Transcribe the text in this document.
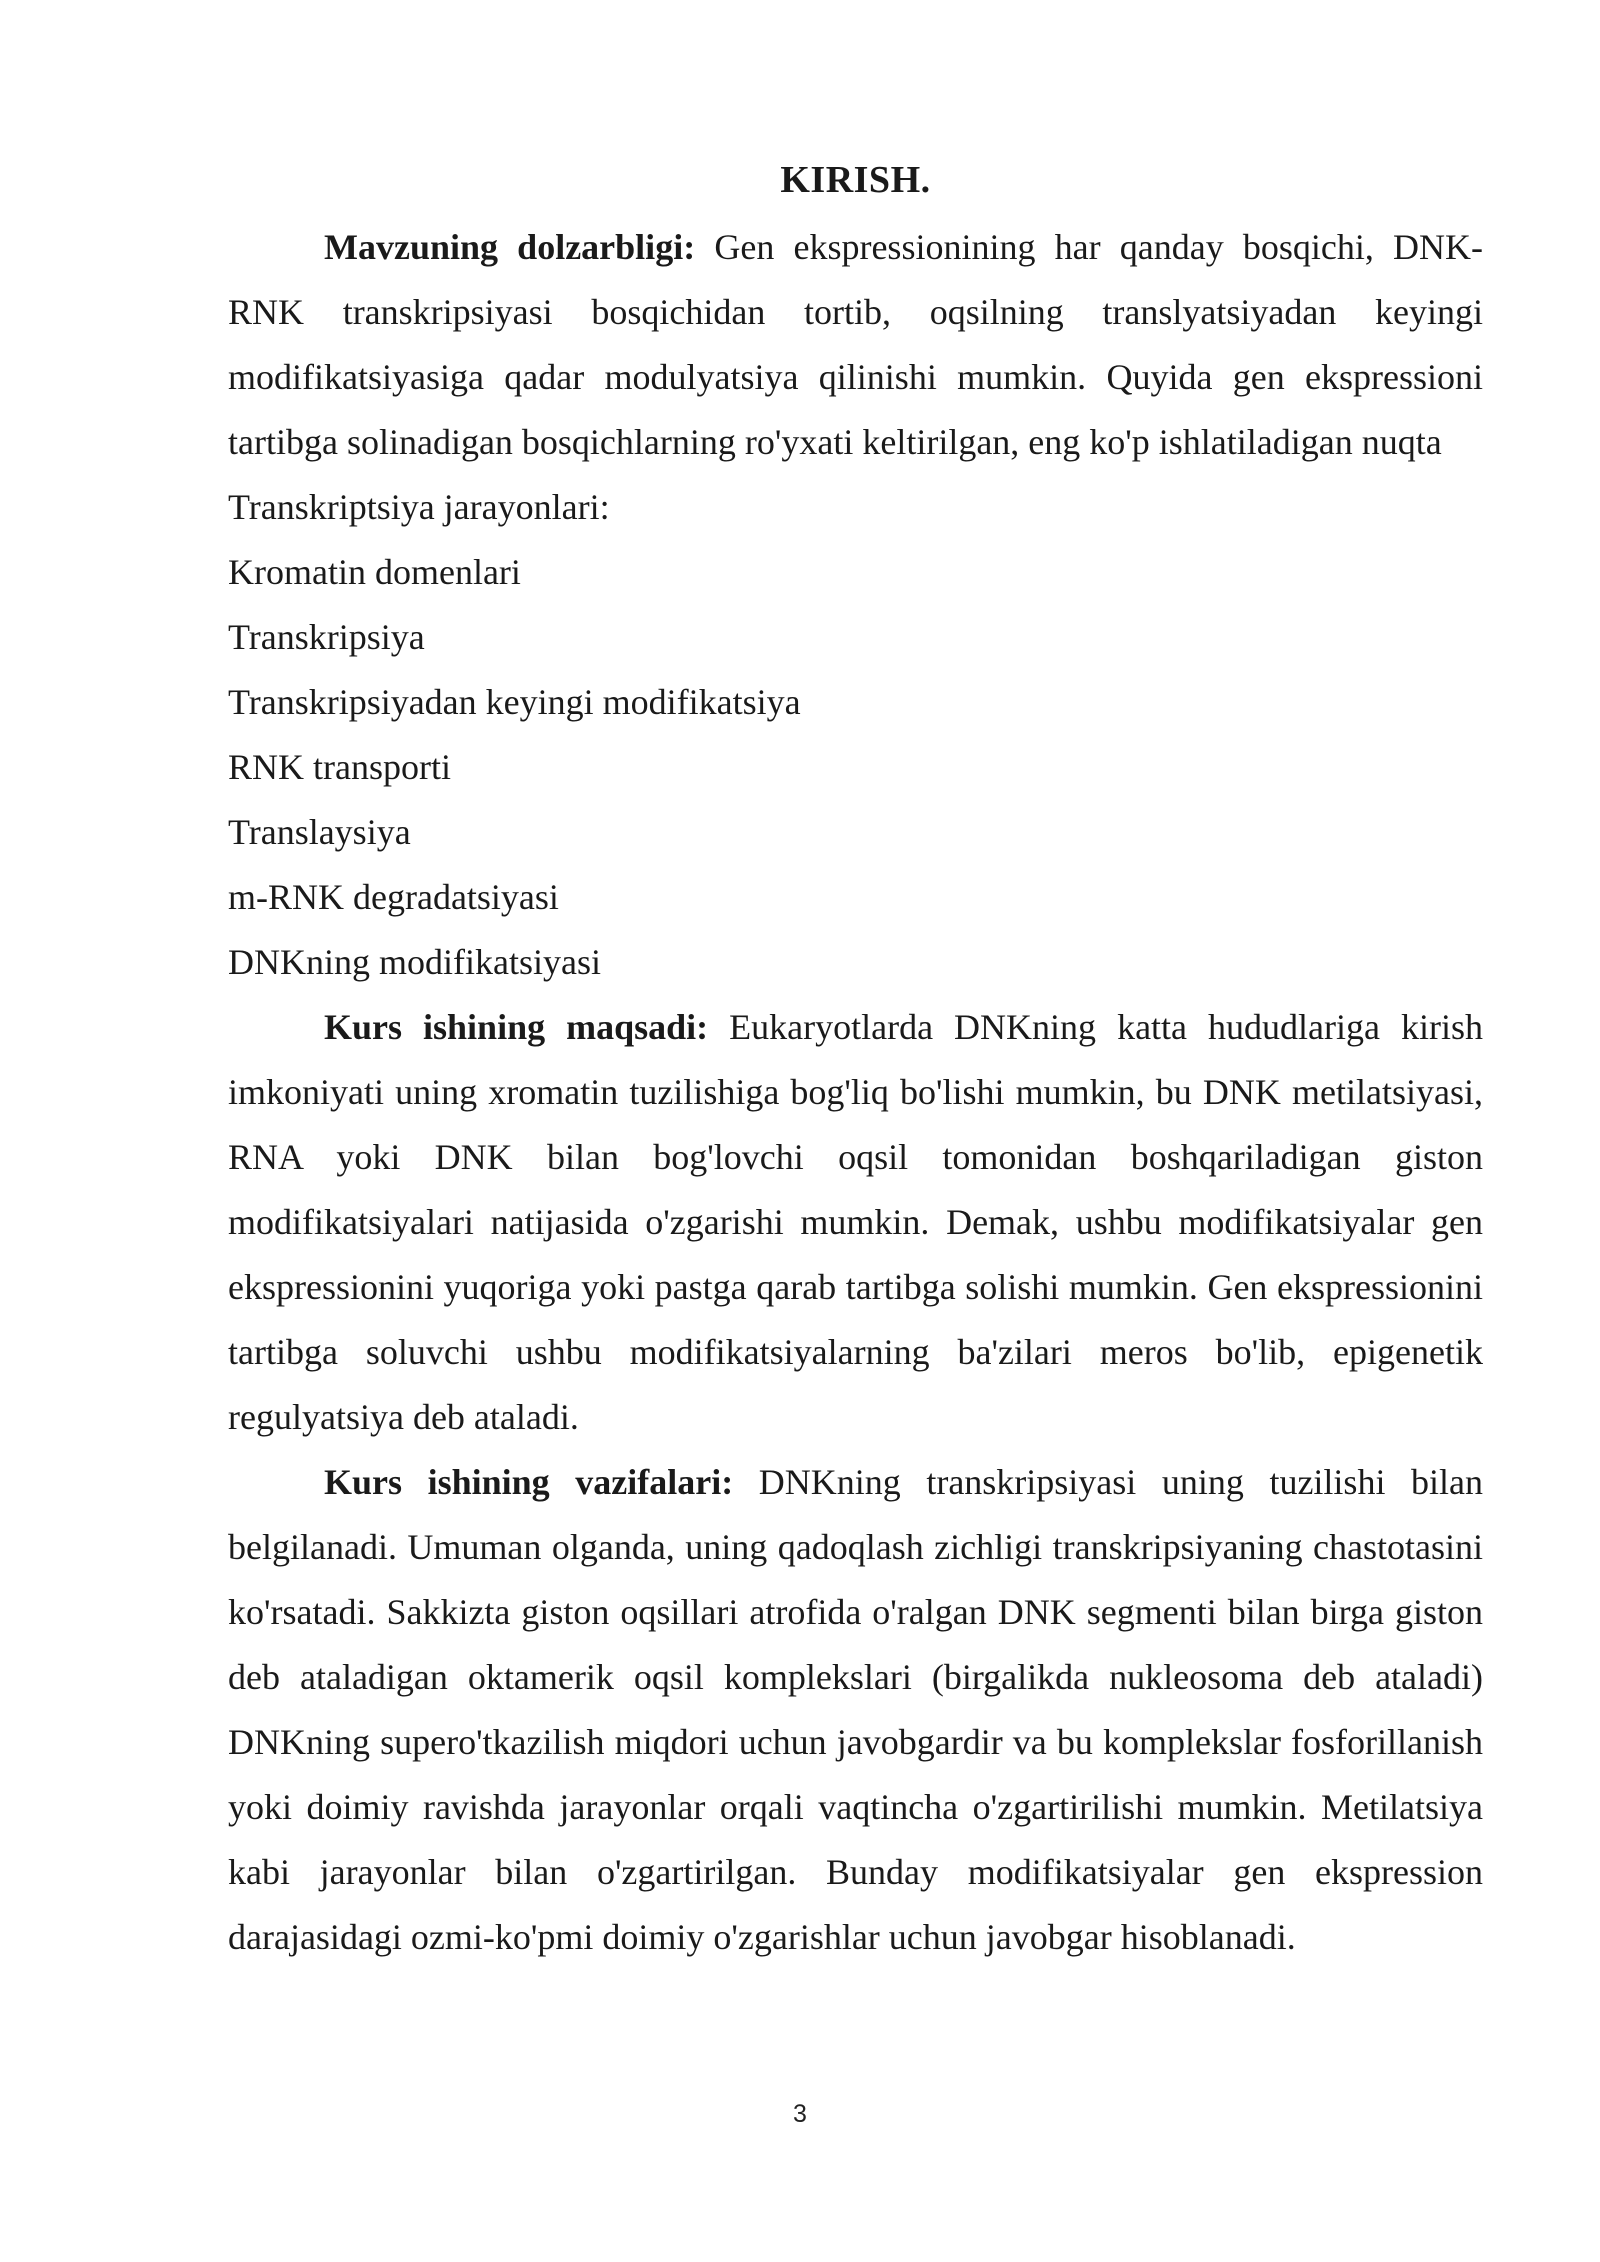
KIRISH.

Mavzuning dolzarbligi: Gen ekspressionining har qanday bosqichi, DNK-RNK transkripsiyasi bosqichidan tortib, oqsilning translyatsiyadan keyingi modifikatsiyasiga qadar modulyatsiya qilinishi mumkin. Quyida gen ekspressioni tartibga solinadigan bosqichlarning ro'yxati keltirilgan, eng ko'p ishlatiladigan nuqta

Transkriptsiya jarayonlari:

Kromatin domenlari

Transkripsiya

Transkripsiyadan keyingi modifikatsiya

RNK transporti

Translaysiya

m-RNK degradatsiyasi

DNKning modifikatsiyasi

Kurs ishining maqsadi: Eukaryotlarda DNKning katta hududlariga kirish imkoniyati uning xromatin tuzilishiga bog'liq bo'lishi mumkin, bu DNK metilatsiyasi, RNA yoki DNK bilan bog'lovchi oqsil tomonidan boshqariladigan giston modifikatsiyalari natijasida o'zgarishi mumkin. Demak, ushbu modifikatsiyalar gen ekspressionini yuqoriga yoki pastga qarab tartibga solishi mumkin. Gen ekspressionini tartibga soluvchi ushbu modifikatsiyalarning ba'zilari meros bo'lib, epigenetik regulyatsiya deb ataladi.

Kurs ishining vazifalari: DNKning transkripsiyasi uning tuzilishi bilan belgilanadi. Umuman olganda, uning qadoqlash zichligi transkripsiyaning chastotasini ko'rsatadi. Sakkizta giston oqsillari atrofida o'ralgan DNK segmenti bilan birga giston deb ataladigan oktamerik oqsil komplekslari (birgalikda nukleosoma deb ataladi) DNKning supero'tkazilish miqdori uchun javobgardir va bu komplekslar fosforillanish yoki doimiy ravishda jarayonlar orqali vaqtincha o'zgartirilishi mumkin. Metilatsiya kabi jarayonlar bilan o'zgartirilgan. Bunday modifikatsiyalar gen ekspression darajasidagi ozmi-ko'pmi doimiy o'zgarishlar uchun javobgar hisoblanadi.

3
